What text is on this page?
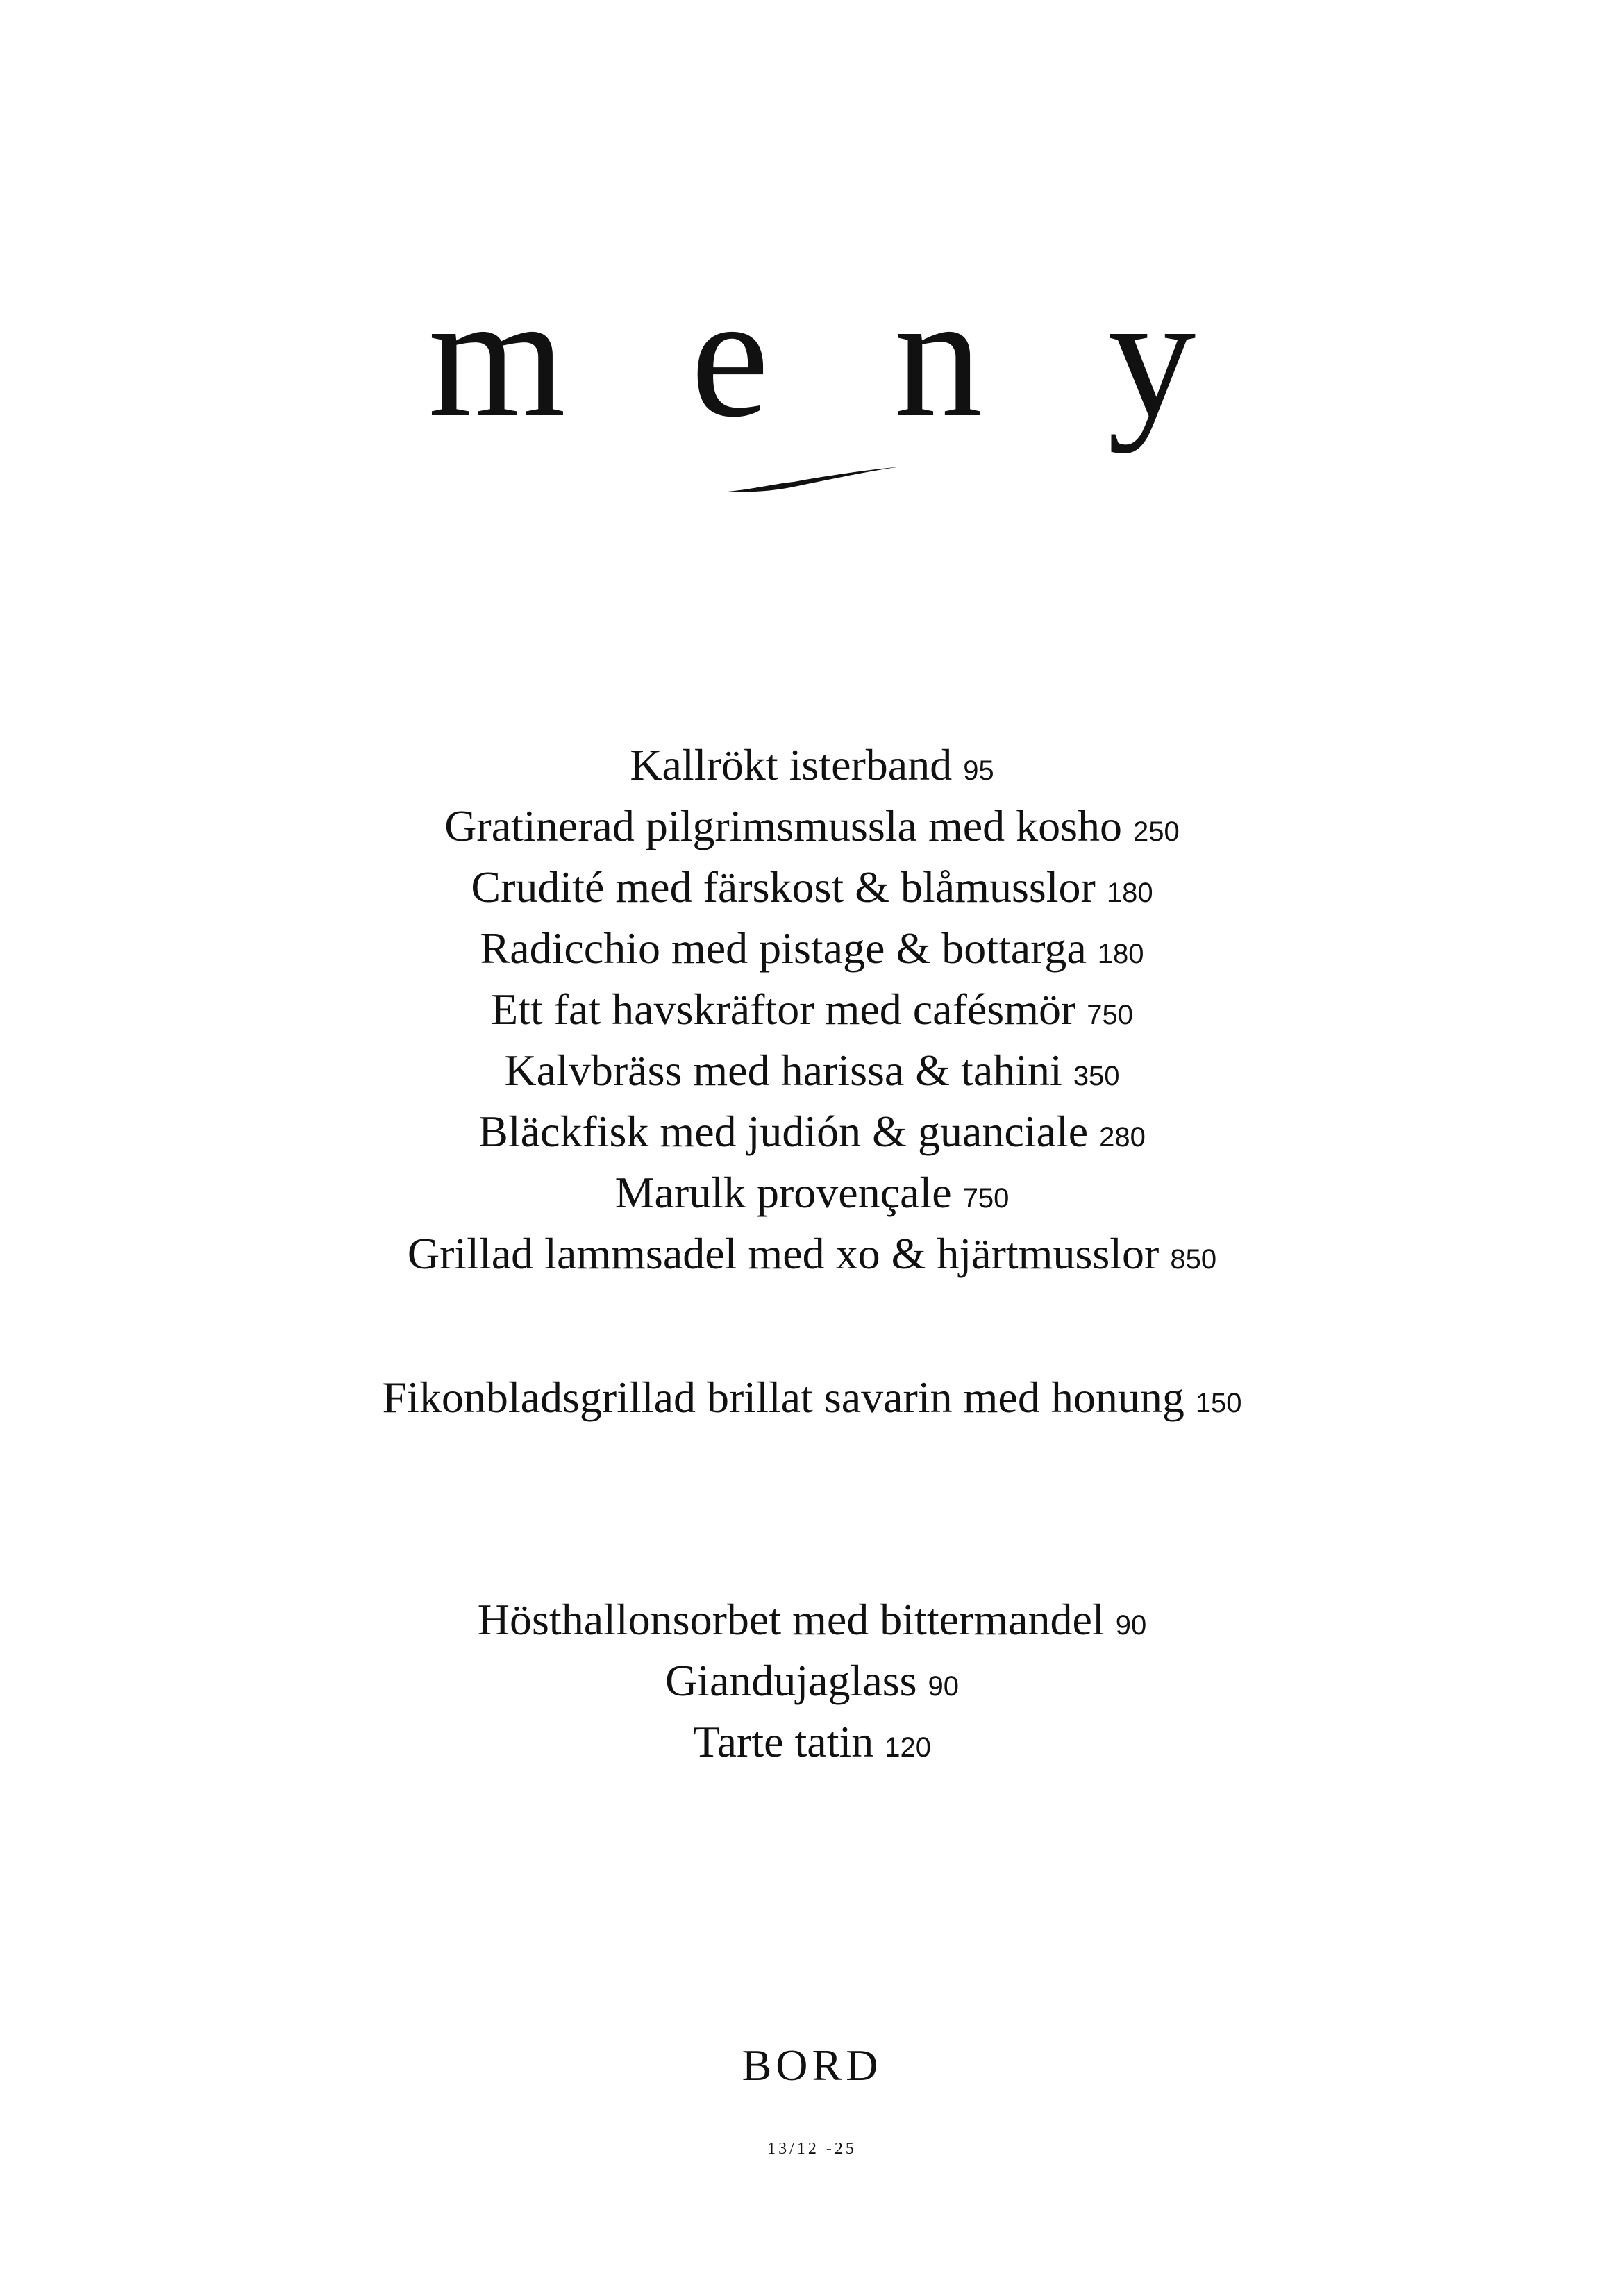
m e n y
Kallrökt isterband 95
Gratinerad pilgrimsmussla med kosho 250
Crudité med färskost & blåmusslor 180
Radicchio med pistage & bottarga 180
Ett fat havskräftor med cafésmör 750
Kalvbräss med harissa & tahini 350
Bläckfisk med judión & guanciale 280
Marulk provençale 750
Grillad lammsadel med xo & hjärtmusslor 850
Fikonbladsgrillad brillat savarin med honung 150
Hösthallonsorbet med bittermandel 90
Giandujaglass 90
Tarte tatin 120
BORD
13/12 -25
